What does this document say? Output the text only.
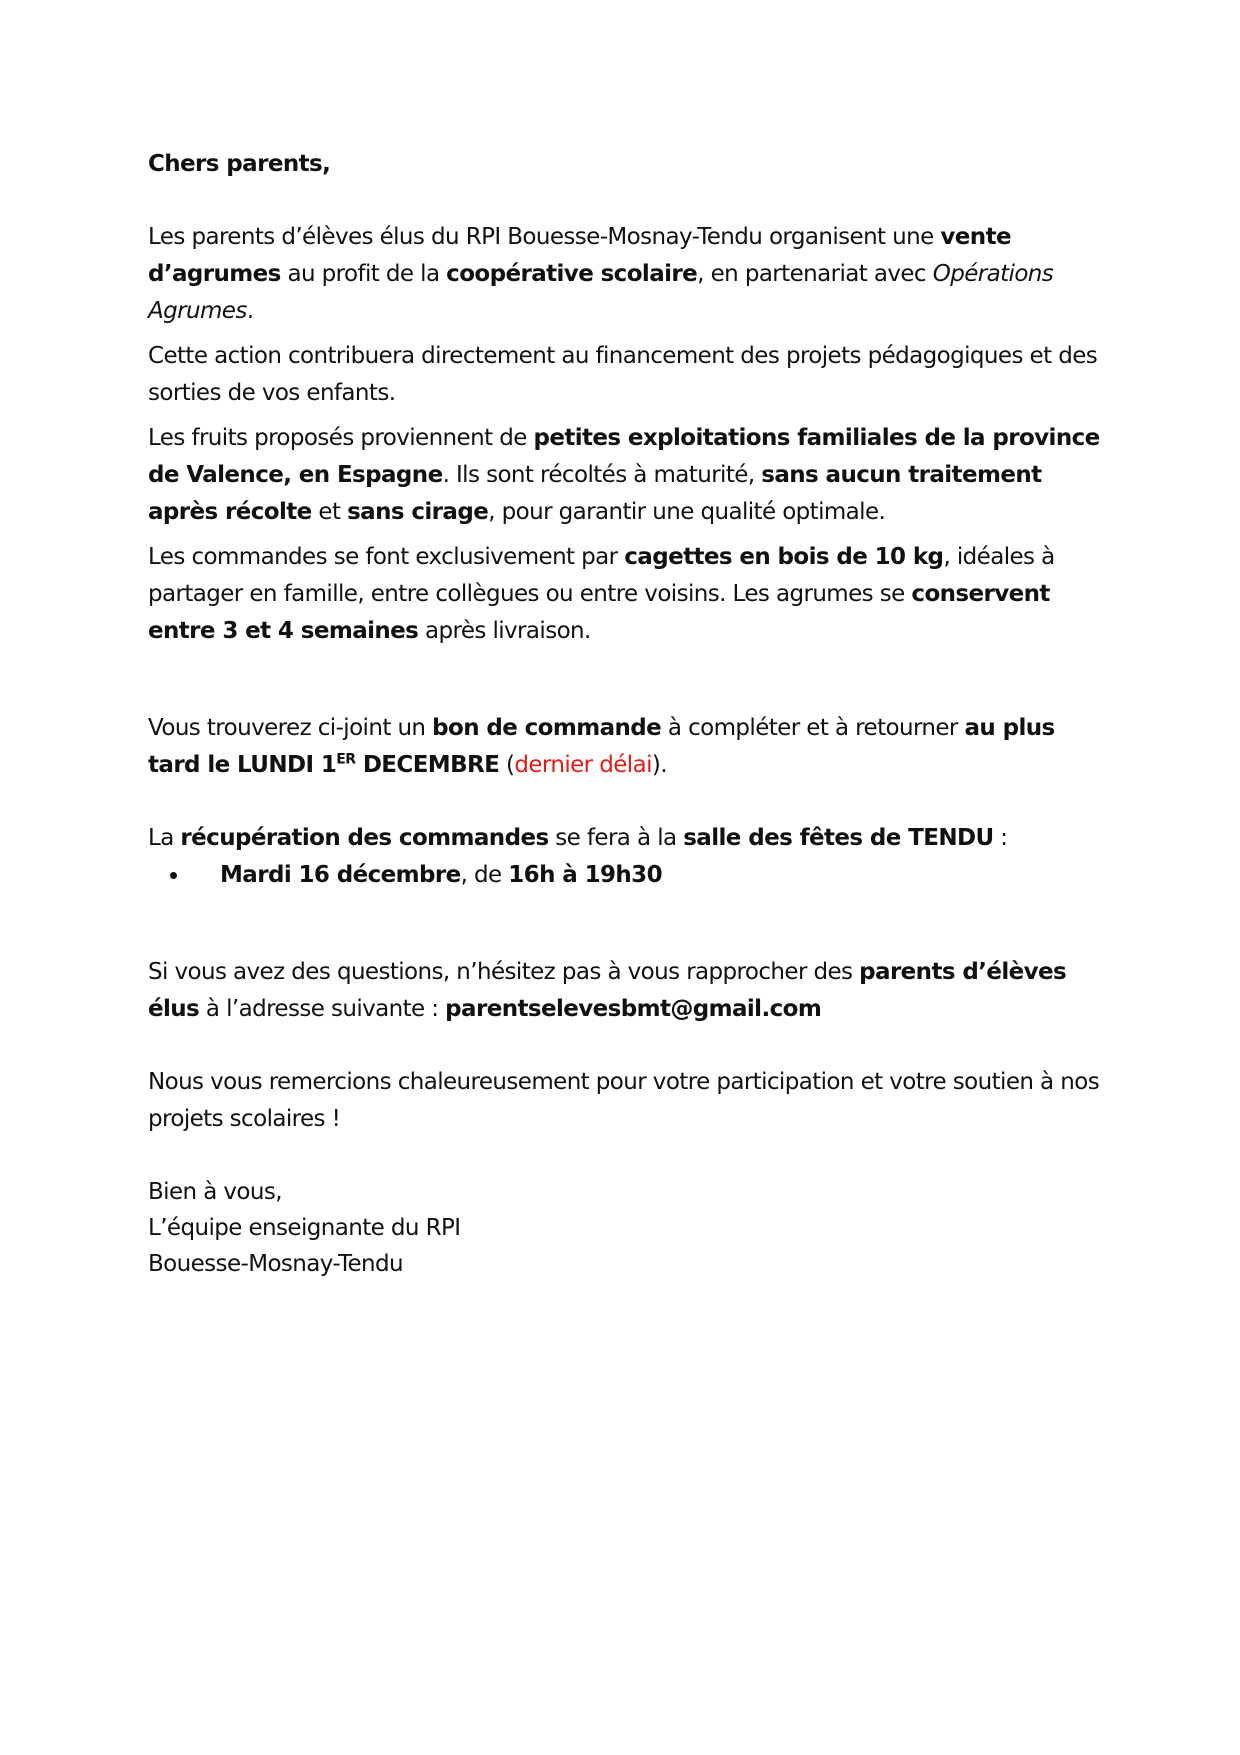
Chers parents,

Les parents d’élèves élus du RPI Bouesse-Mosnay-Tendu organisent une vente d’agrumes au profit de la coopérative scolaire, en partenariat avec Opérations Agrumes.

Cette action contribuera directement au financement des projets pédagogiques et des sorties de vos enfants.

Les fruits proposés proviennent de petites exploitations familiales de la province de Valence, en Espagne. Ils sont récoltés à maturité, sans aucun traitement après récolte et sans cirage, pour garantir une qualité optimale.

Les commandes se font exclusivement par cagettes en bois de 10 kg, idéales à partager en famille, entre collègues ou entre voisins. Les agrumes se conservent entre 3 et 4 semaines après livraison.

Vous trouverez ci-joint un bon de commande à compléter et à retourner au plus tard le LUNDI 1ER DECEMBRE (dernier délai).

La récupération des commandes se fera à la salle des fêtes de TENDU :

• Mardi 16 décembre, de 16h à 19h30

Si vous avez des questions, n’hésitez pas à vous rapprocher des parents d’élèves élus à l’adresse suivante : parentselevesbmt@gmail.com

Nous vous remercions chaleureusement pour votre participation et votre soutien à nos projets scolaires !

Bien à vous,

L’équipe enseignante du RPI

Bouesse-Mosnay-Tendu
